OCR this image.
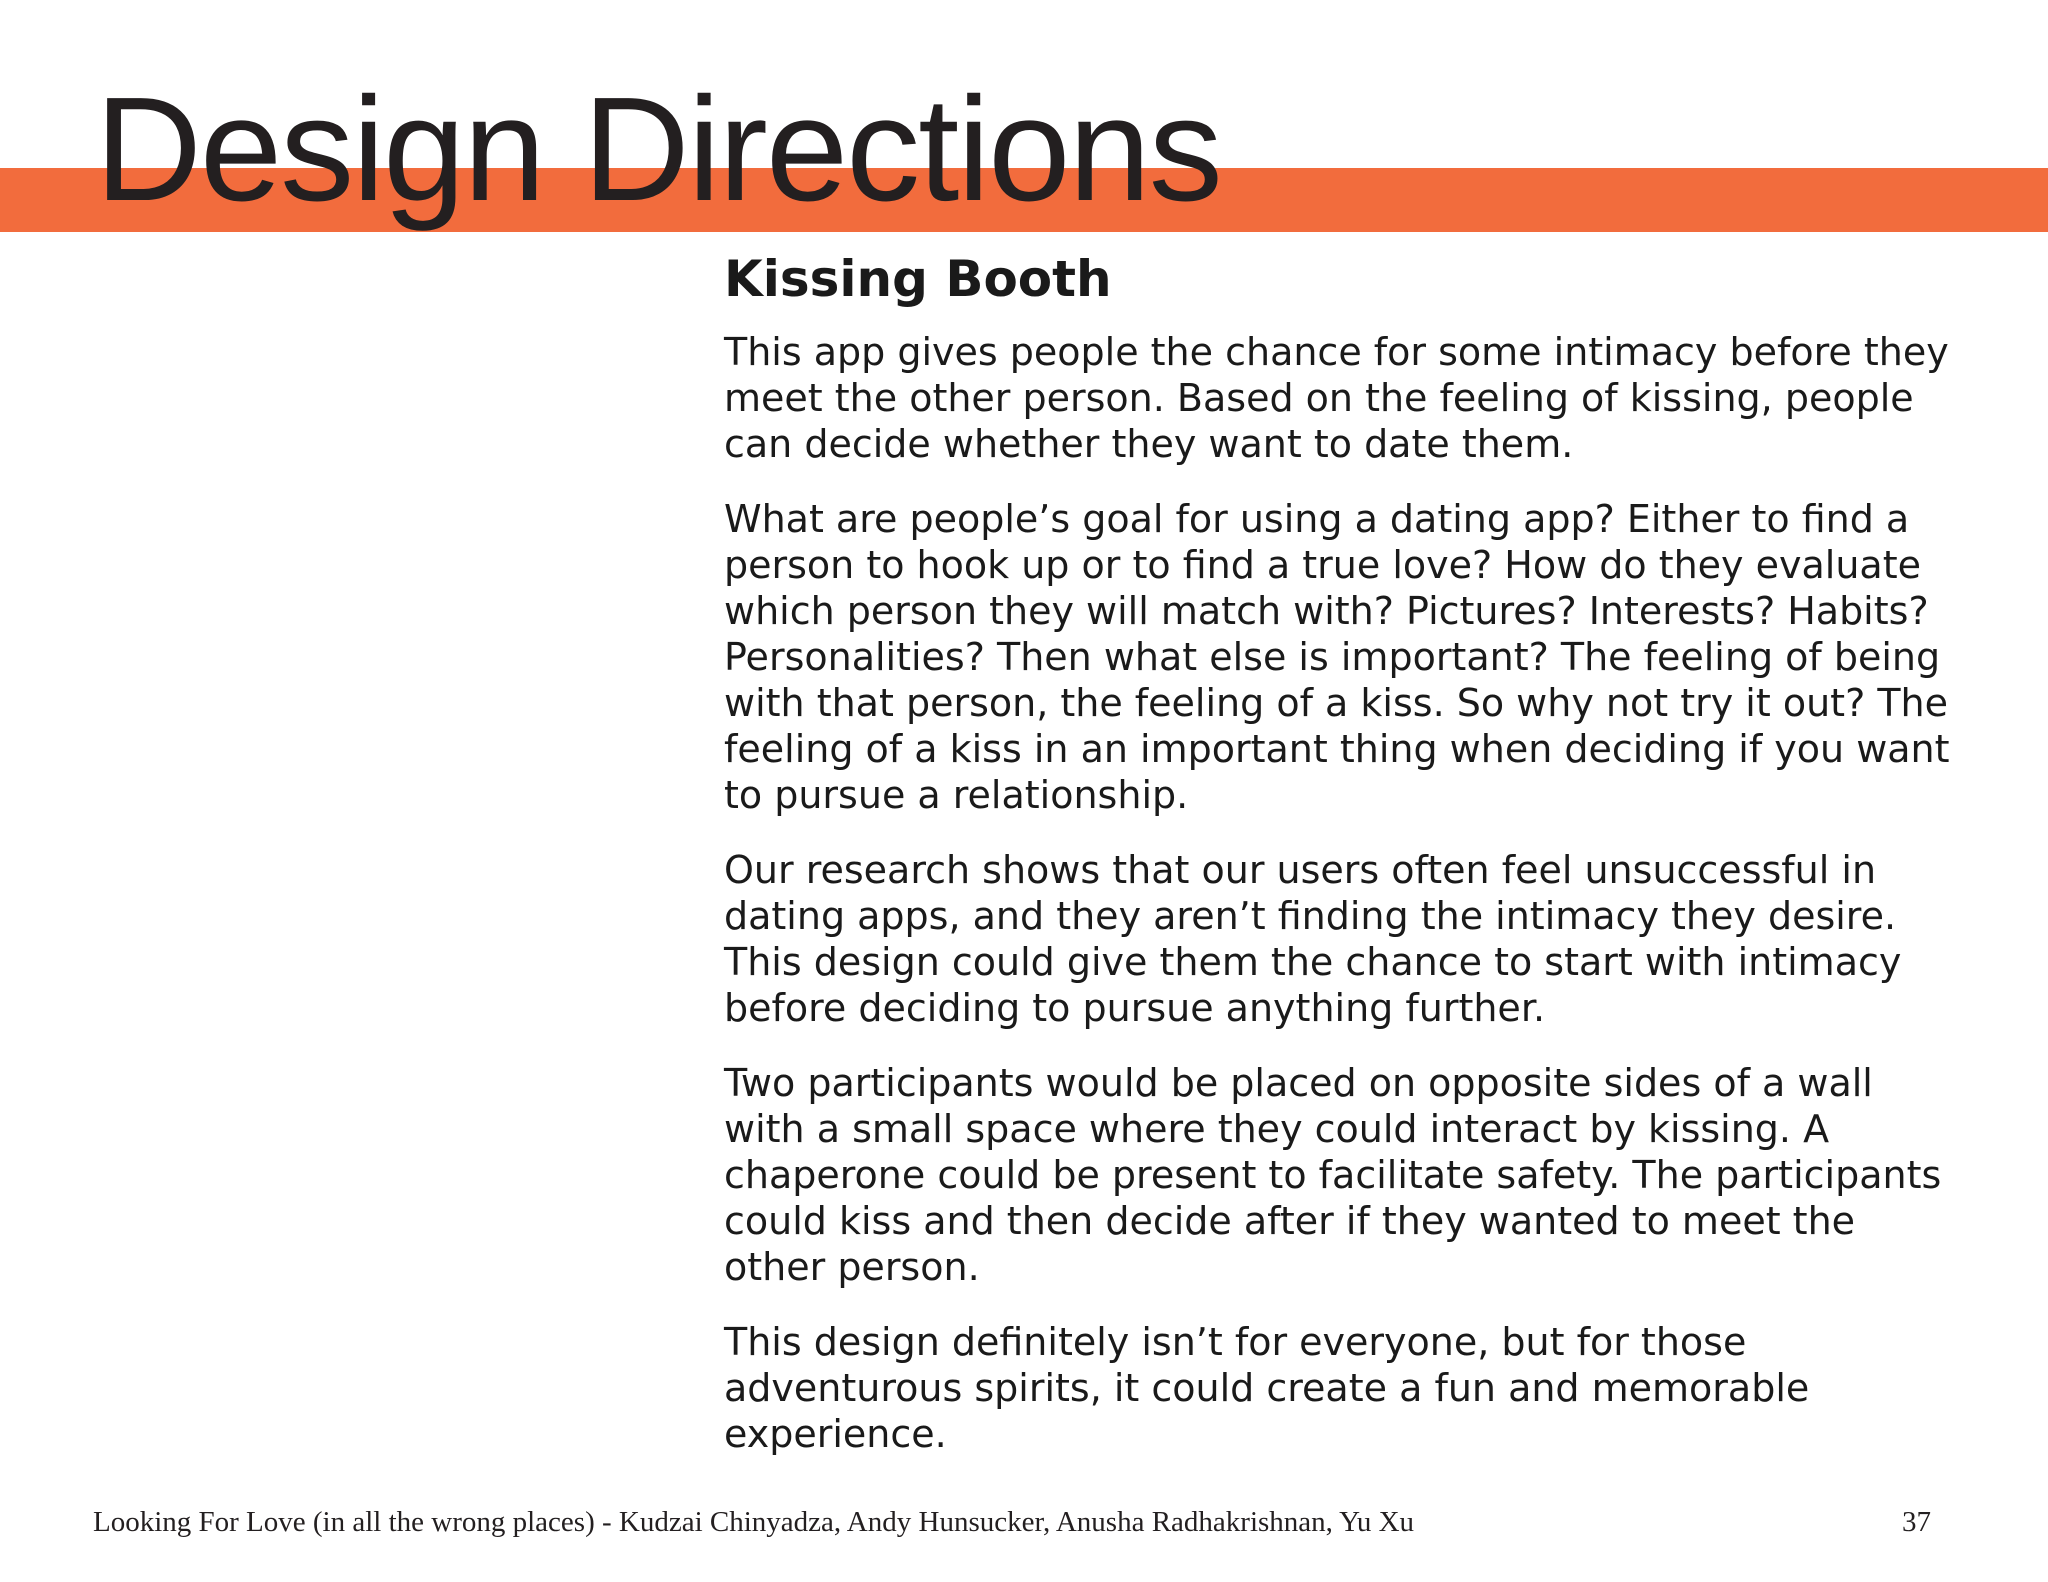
Design Directions
Kissing Booth

This app gives people the chance for some intimacy before they meet the other person. Based on the feeling of kissing, people can decide whether they want to date them.

What are people’s goal for using a dating app? Either to find a person to hook up or to find a true love? How do they evaluate which person they will match with? Pictures? Interests? Habits? Personalities? Then what else is important? The feeling of being with that person, the feeling of a kiss. So why not try it out? The feeling of a kiss in an important thing when deciding if you want to pursue a relationship.

Our research shows that our users often feel unsuccessful in dating apps, and they aren’t finding the intimacy they desire. This design could give them the chance to start with intimacy before deciding to pursue anything further.

Two participants would be placed on opposite sides of a wall with a small space where they could interact by kissing. A chaperone could be present to facilitate safety. The participants could kiss and then decide after if they wanted to meet the other person.

This design definitely isn’t for everyone, but for those adventurous spirits, it could create a fun and memorable experience.

Looking For Love (in all the wrong places) - Kudzai Chinyadza, Andy Hunsucker, Anusha Radhakrishnan, Yu Xu	37
